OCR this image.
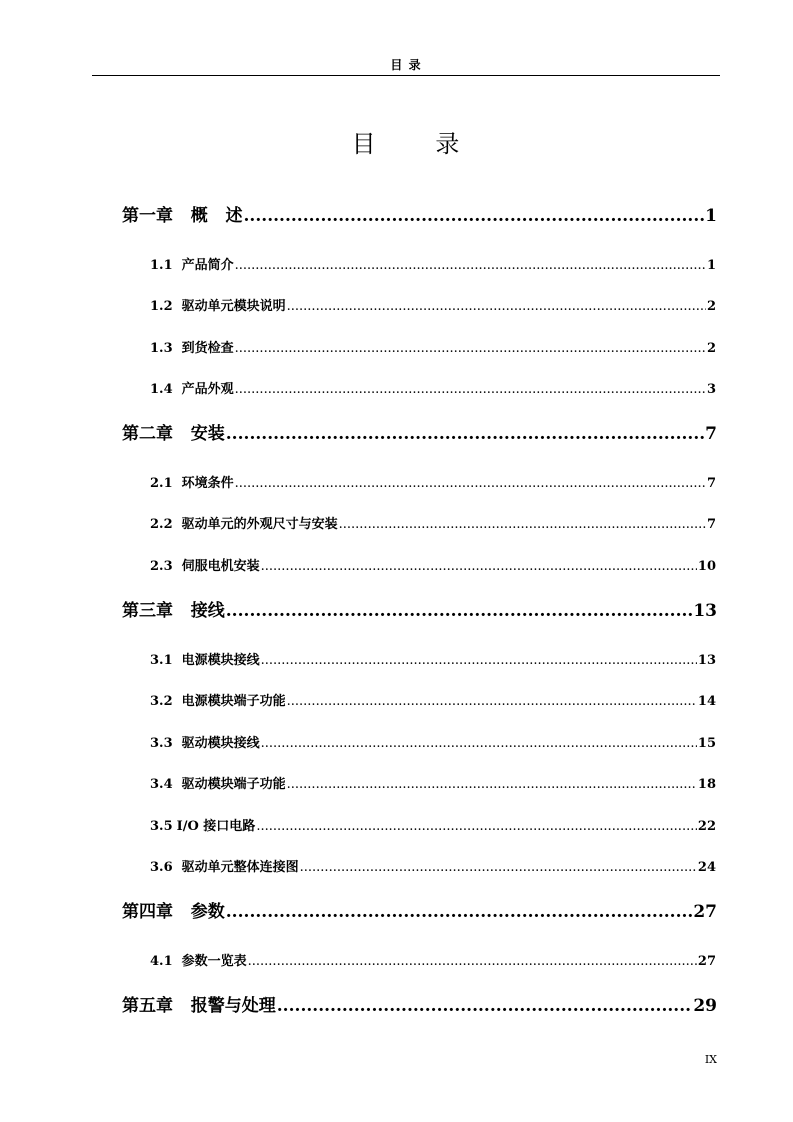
目 录
目      录
第一章 概   述 .....	1
1.1 产品简介 .....	1
1.2 驱动单元模块说明 .....	2
1.3 到货检查 .....	2
1.4 产品外观 .....	3
第二章 安装 .....	7
2.1 环境条件 .....	7
2.2 驱动单元的外观尺寸与安装 .....	7
2.3 伺服电机安装 .....	10
第三章 接线 .....	13
3.1 电源模块接线 .....	13
3.2 电源模块端子功能 .....	14
3.3 驱动模块接线 .....	15
3.4 驱动模块端子功能 .....	18
3.5 I/O 接口电路 .....	22
3.6 驱动单元整体连接图 .....	24
第四章 参数 .....	27
4.1 参数一览表 .....	27
第五章 报警与处理 .....	29
IX
